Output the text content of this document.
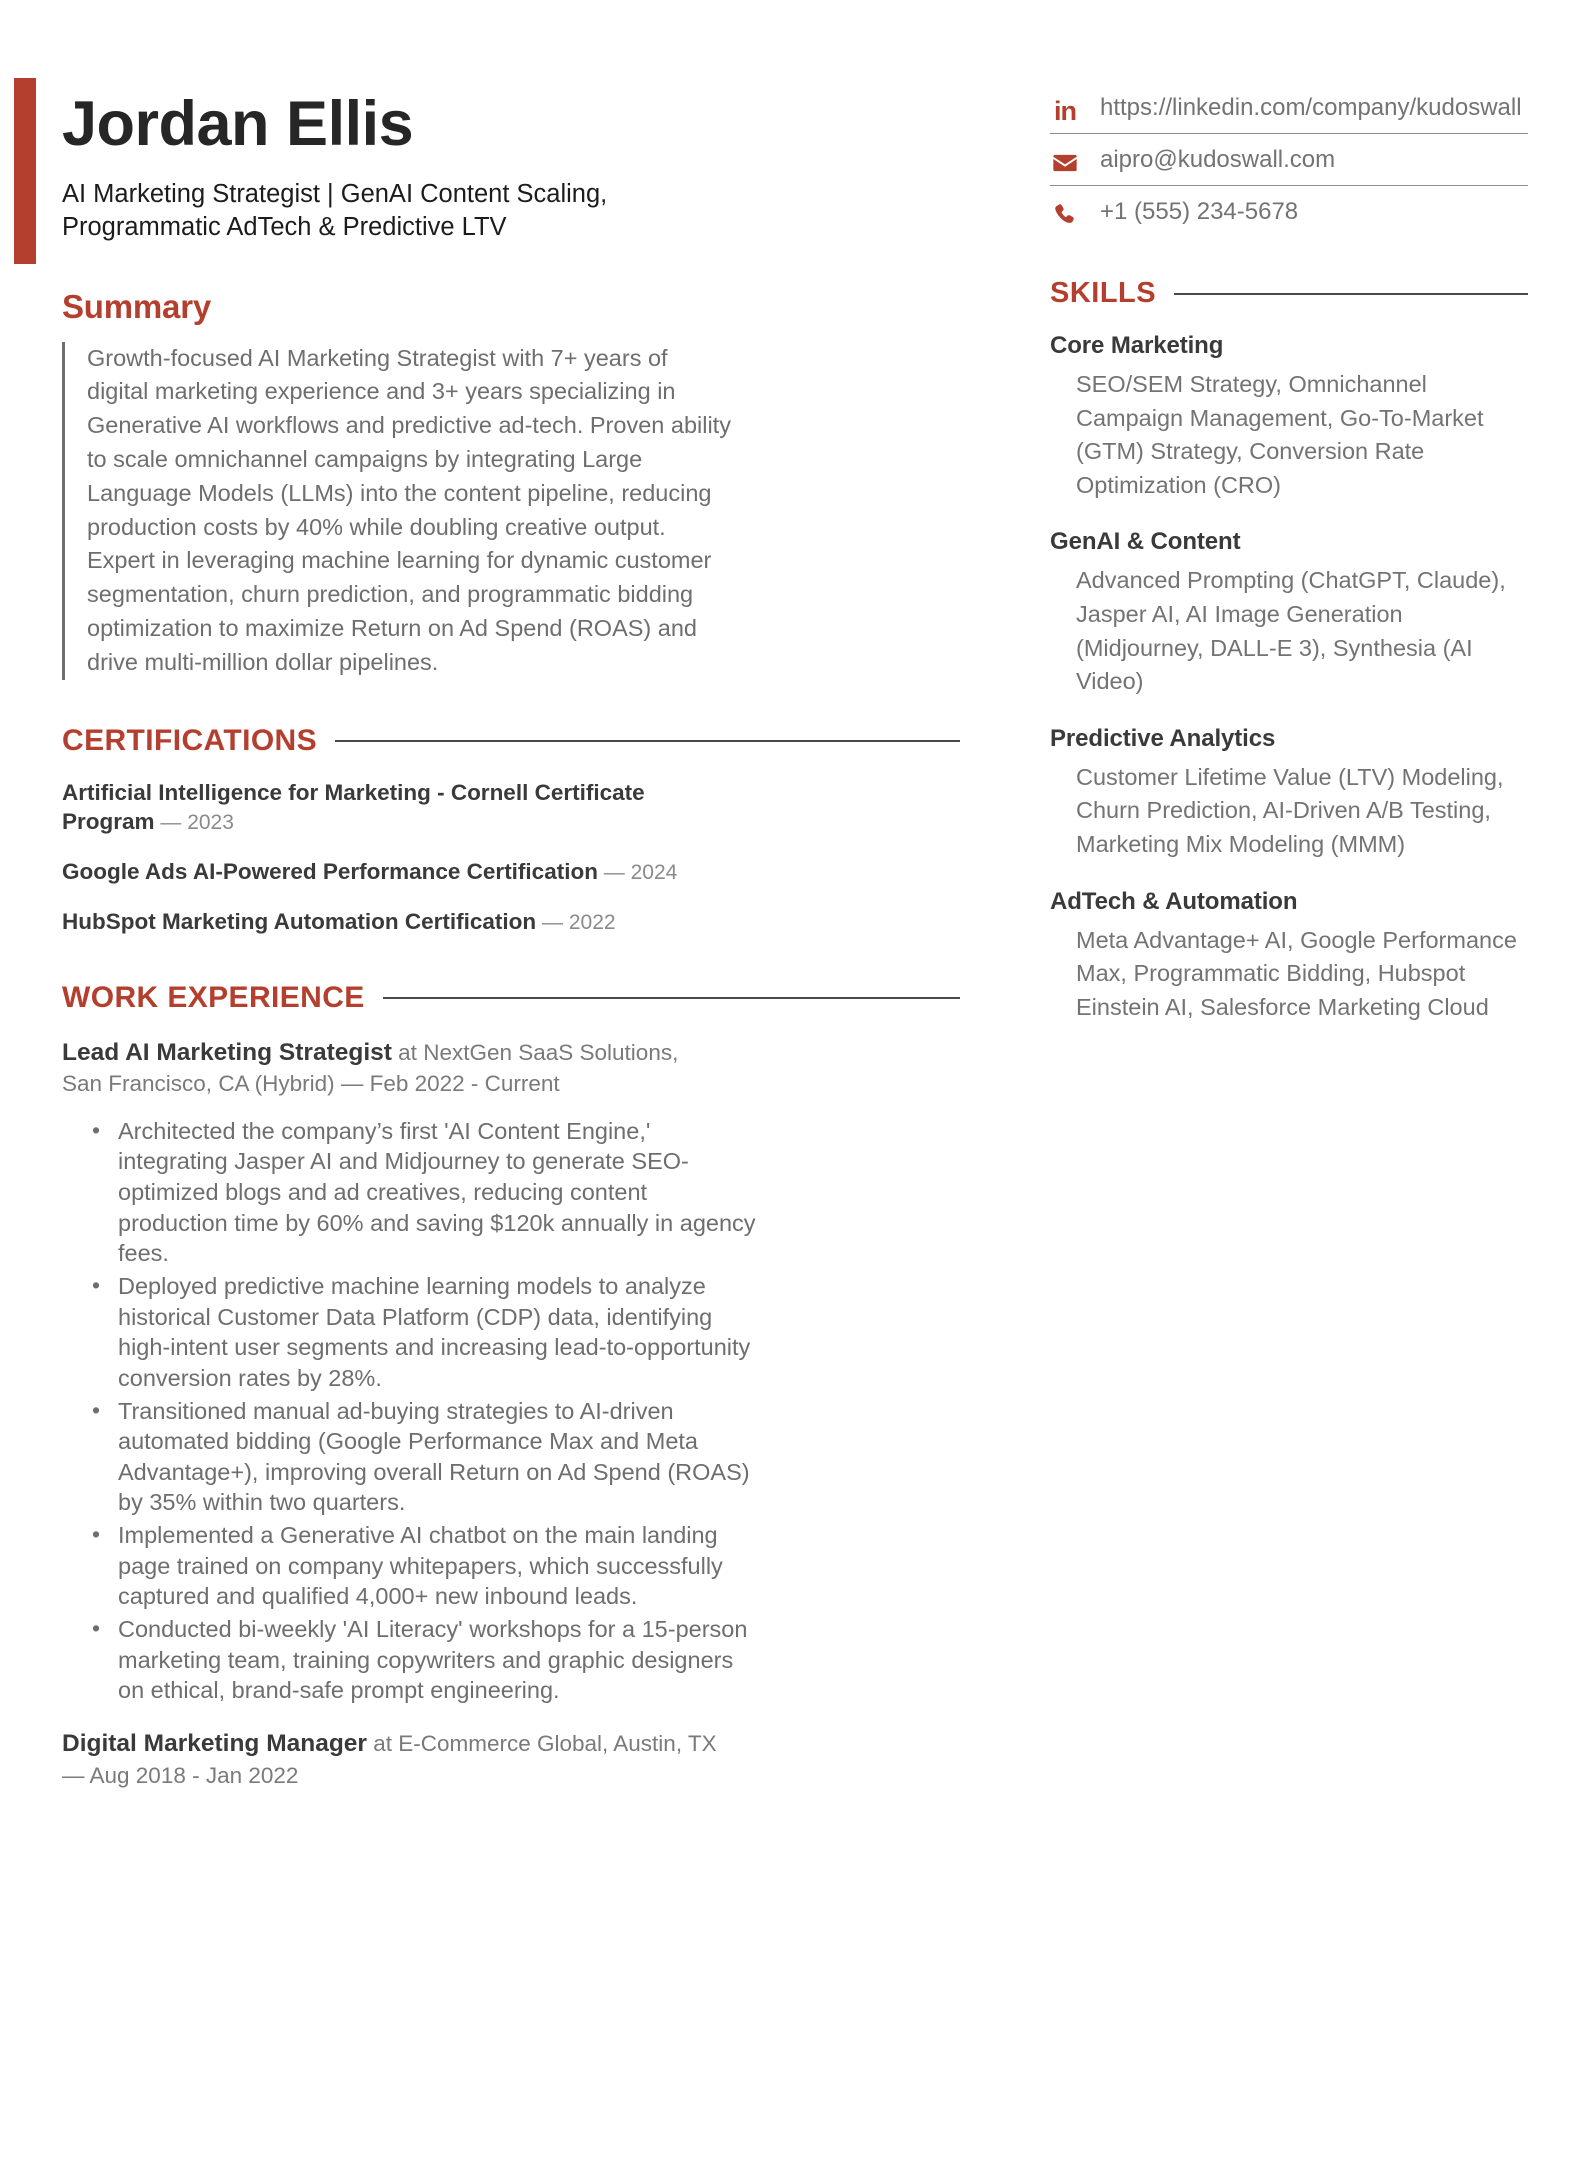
Jordan Ellis
AI Marketing Strategist | GenAI Content Scaling, Programmatic AdTech & Predictive LTV
Summary
Growth-focused AI Marketing Strategist with 7+ years of digital marketing experience and 3+ years specializing in Generative AI workflows and predictive ad-tech. Proven ability to scale omnichannel campaigns by integrating Large Language Models (LLMs) into the content pipeline, reducing production costs by 40% while doubling creative output. Expert in leveraging machine learning for dynamic customer segmentation, churn prediction, and programmatic bidding optimization to maximize Return on Ad Spend (ROAS) and drive multi-million dollar pipelines.
CERTIFICATIONS
Artificial Intelligence for Marketing - Cornell Certificate Program — 2023
Google Ads AI-Powered Performance Certification — 2024
HubSpot Marketing Automation Certification — 2022
WORK EXPERIENCE
Lead AI Marketing Strategist at NextGen SaaS Solutions, San Francisco, CA (Hybrid) — Feb 2022 - Current
• Architected the company’s first 'AI Content Engine,' integrating Jasper AI and Midjourney to generate SEO-optimized blogs and ad creatives, reducing content production time by 60% and saving $120k annually in agency fees.
• Deployed predictive machine learning models to analyze historical Customer Data Platform (CDP) data, identifying high-intent user segments and increasing lead-to-opportunity conversion rates by 28%.
• Transitioned manual ad-buying strategies to AI-driven automated bidding (Google Performance Max and Meta Advantage+), improving overall Return on Ad Spend (ROAS) by 35% within two quarters.
• Implemented a Generative AI chatbot on the main landing page trained on company whitepapers, which successfully captured and qualified 4,000+ new inbound leads.
• Conducted bi-weekly 'AI Literacy' workshops for a 15-person marketing team, training copywriters and graphic designers on ethical, brand-safe prompt engineering.
Digital Marketing Manager at E-Commerce Global, Austin, TX — Aug 2018 - Jan 2022
in https://linkedin.com/company/kudoswall
aipro@kudoswall.com
+1 (555) 234-5678
SKILLS
Core Marketing
SEO/SEM Strategy, Omnichannel Campaign Management, Go-To-Market (GTM) Strategy, Conversion Rate Optimization (CRO)
GenAI & Content
Advanced Prompting (ChatGPT, Claude), Jasper AI, AI Image Generation (Midjourney, DALL-E 3), Synthesia (AI Video)
Predictive Analytics
Customer Lifetime Value (LTV) Modeling, Churn Prediction, AI-Driven A/B Testing, Marketing Mix Modeling (MMM)
AdTech & Automation
Meta Advantage+ AI, Google Performance Max, Programmatic Bidding, Hubspot Einstein AI, Salesforce Marketing Cloud
